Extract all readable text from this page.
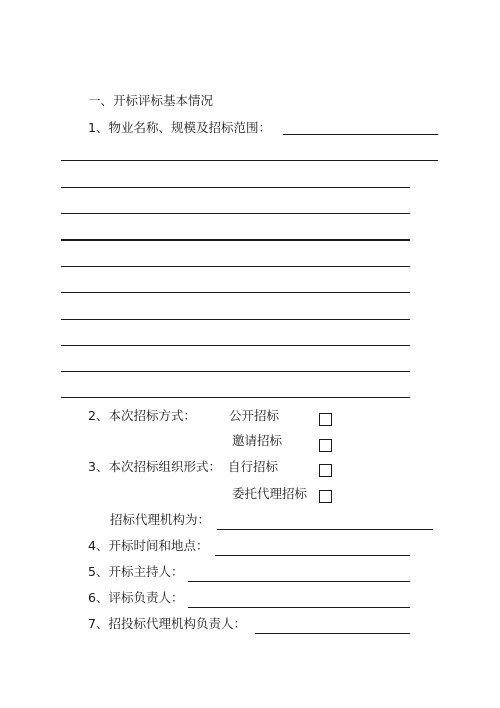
一、开标评标基本情况
1、物业名称、规模及招标范围：
2、本次招标方式：	公开招标
邀请招标
3、本次招标组织形式： 自行招标
委托代理招标
招标代理机构为：
4、开标时间和地点：
5、开标主持人：
6、评标负责人：
7、招投标代理机构负责人：
